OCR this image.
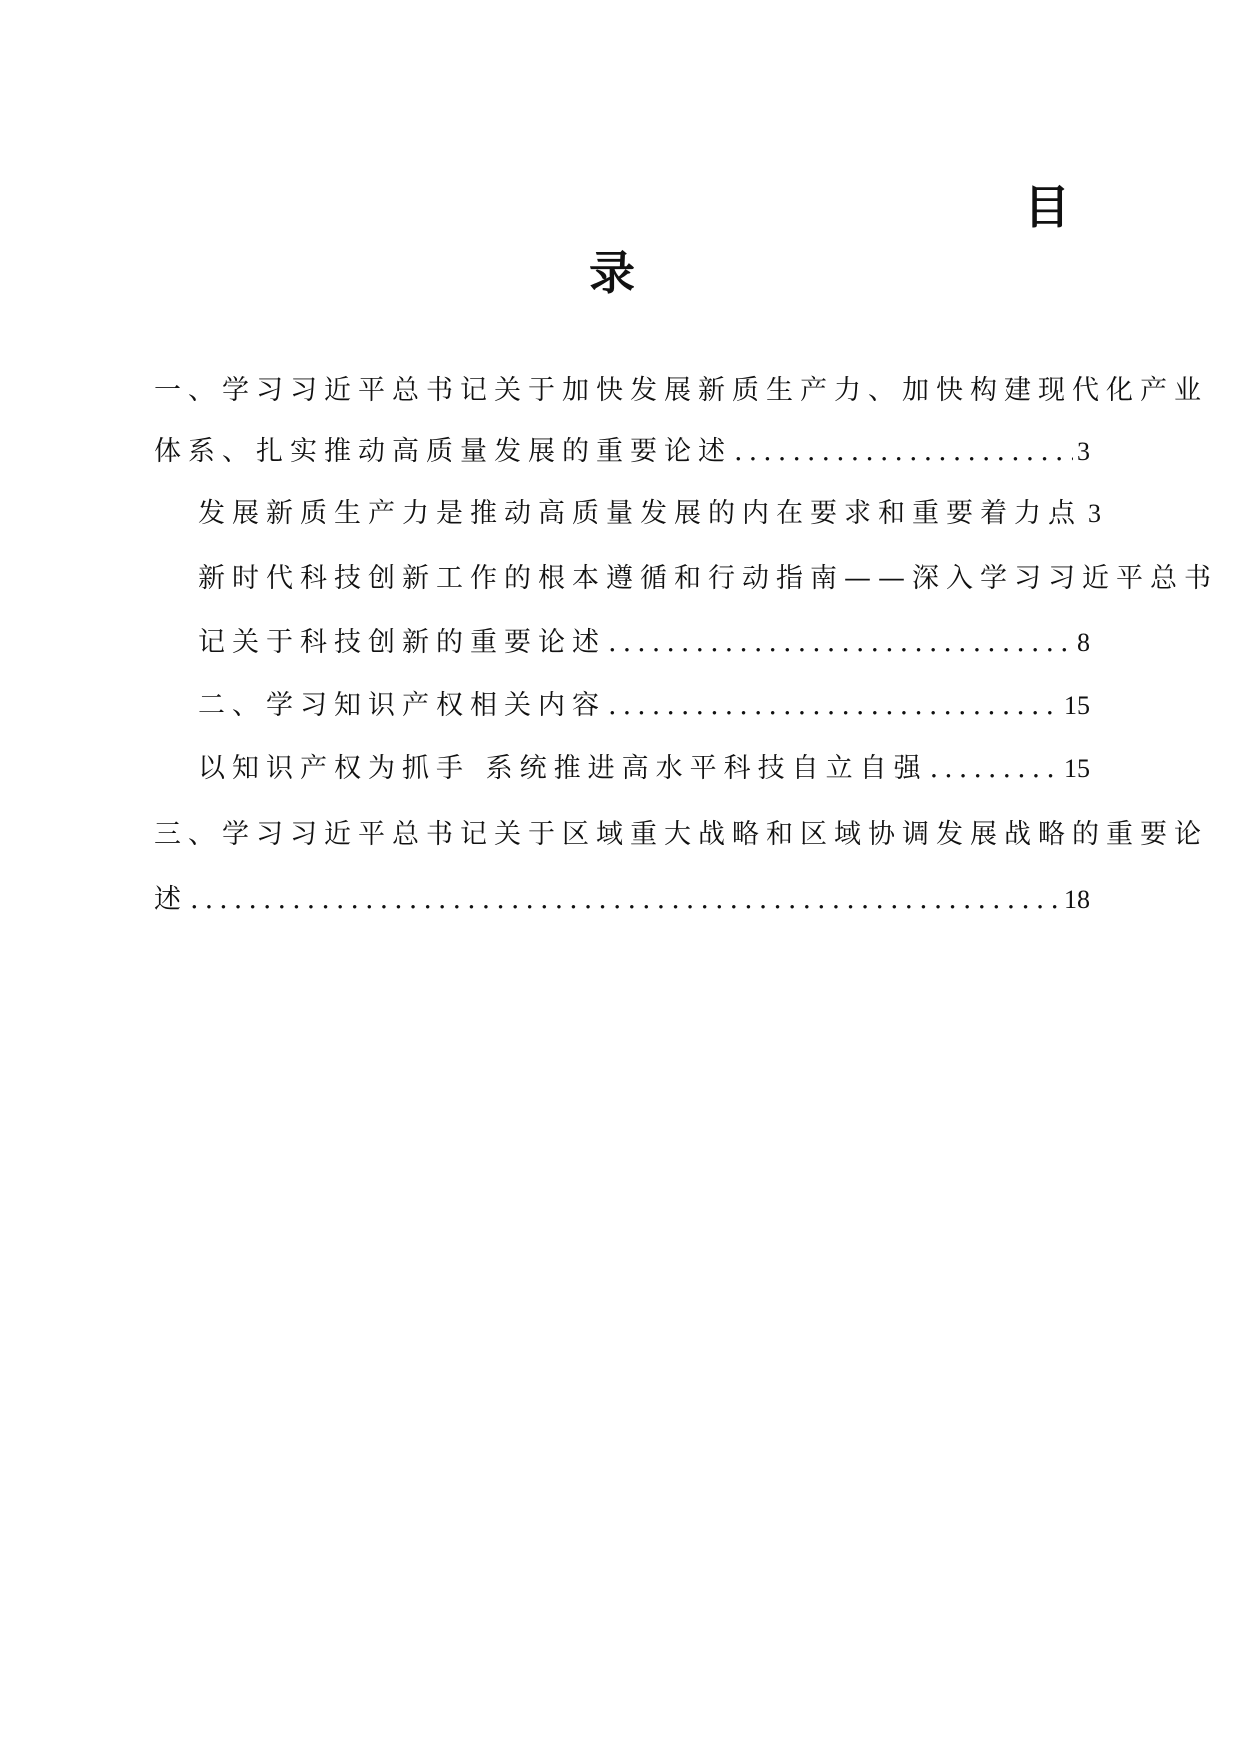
目
录
一、学习习近平总书记关于加快发展新质生产力、加快构建现代化产业
体系、扎实推动高质量发展的重要论述 .....	3
发展新质生产力是推动高质量发展的内在要求和重要着力点 3
新时代科技创新工作的根本遵循和行动指南——深入学习习近平总书
记关于科技创新的重要论述 .....	8
二、学习知识产权相关内容 .....	15
以知识产权为抓手 系统推进高水平科技自立自强 .....	15
三、学习习近平总书记关于区域重大战略和区域协调发展战略的重要论
述 .....	18
